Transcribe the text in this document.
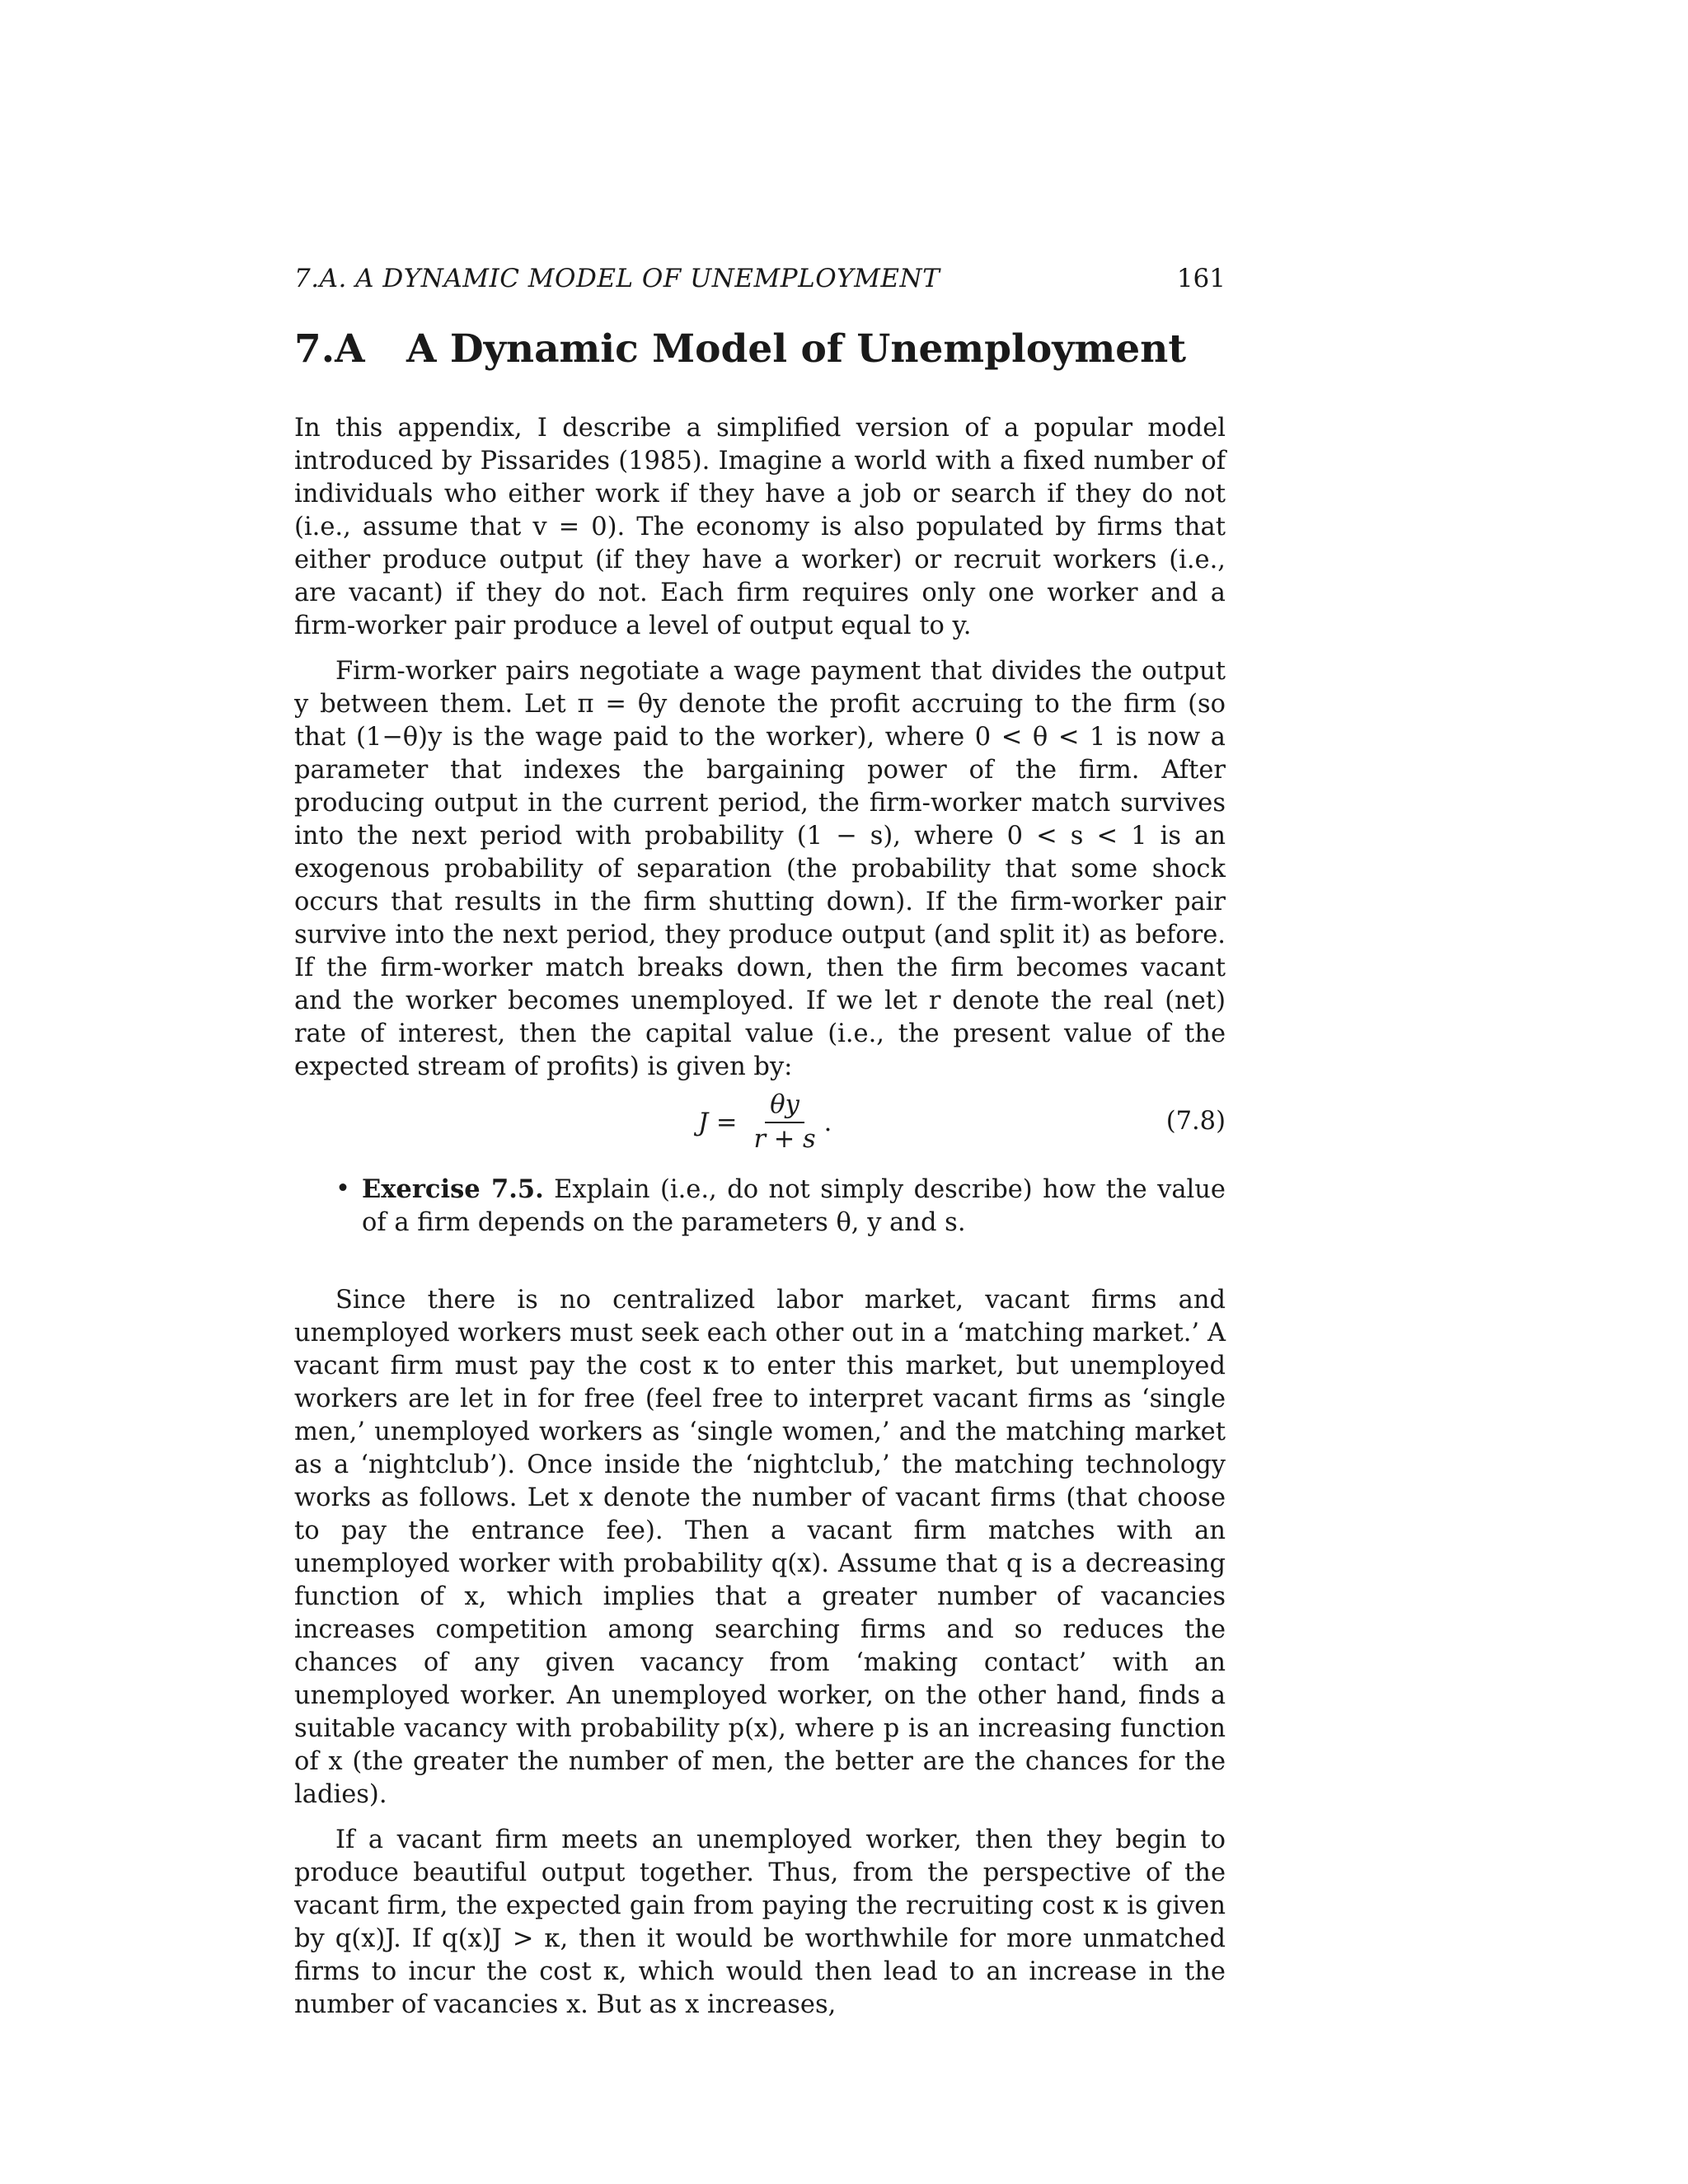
7.A. A DYNAMIC MODEL OF UNEMPLOYMENT	161
7.A	A Dynamic Model of Unemployment

In this appendix, I describe a simplified version of a popular model introduced by Pissarides (1985). Imagine a world with a fixed number of individuals who either work if they have a job or search if they do not (i.e., assume that v = 0). The economy is also populated by firms that either produce output (if they have a worker) or recruit workers (i.e., are vacant) if they do not. Each firm requires only one worker and a firm-worker pair produce a level of output equal to y.

Firm-worker pairs negotiate a wage payment that divides the output y between them. Let π = θy denote the profit accruing to the firm (so that (1−θ)y is the wage paid to the worker), where 0 < θ < 1 is now a parameter that indexes the bargaining power of the firm. After producing output in the current period, the firm-worker match survives into the next period with probability (1 − s), where 0 < s < 1 is an exogenous probability of separation (the probability that some shock occurs that results in the firm shutting down). If the firm-worker pair survive into the next period, they produce output (and split it) as before. If the firm-worker match breaks down, then the firm becomes vacant and the worker becomes unemployed. If we let r denote the real (net) rate of interest, then the capital value (i.e., the present value of the expected stream of profits) is given by:

$J = \frac{\theta y}{r + s}$ .	(7.8)
• Exercise 7.5. Explain (i.e., do not simply describe) how the value of a firm depends on the parameters θ, y and s.

Since there is no centralized labor market, vacant firms and unemployed workers must seek each other out in a ‘matching market.’ A vacant firm must pay the cost κ to enter this market, but unemployed workers are let in for free (feel free to interpret vacant firms as ‘single men,’ unemployed workers as ‘single women,’ and the matching market as a ‘nightclub’). Once inside the ‘nightclub,’ the matching technology works as follows. Let x denote the number of vacant firms (that choose to pay the entrance fee). Then a vacant firm matches with an unemployed worker with probability q(x). Assume that q is a decreasing function of x, which implies that a greater number of vacancies increases competition among searching firms and so reduces the chances of any given vacancy from ‘making contact’ with an unemployed worker. An unemployed worker, on the other hand, finds a suitable vacancy with probability p(x), where p is an increasing function of x (the greater the number of men, the better are the chances for the ladies).

If a vacant firm meets an unemployed worker, then they begin to produce beautiful output together. Thus, from the perspective of the vacant firm, the expected gain from paying the recruiting cost κ is given by q(x)J. If q(x)J > κ, then it would be worthwhile for more unmatched firms to incur the cost κ, which would then lead to an increase in the number of vacancies x. But as x increases,
